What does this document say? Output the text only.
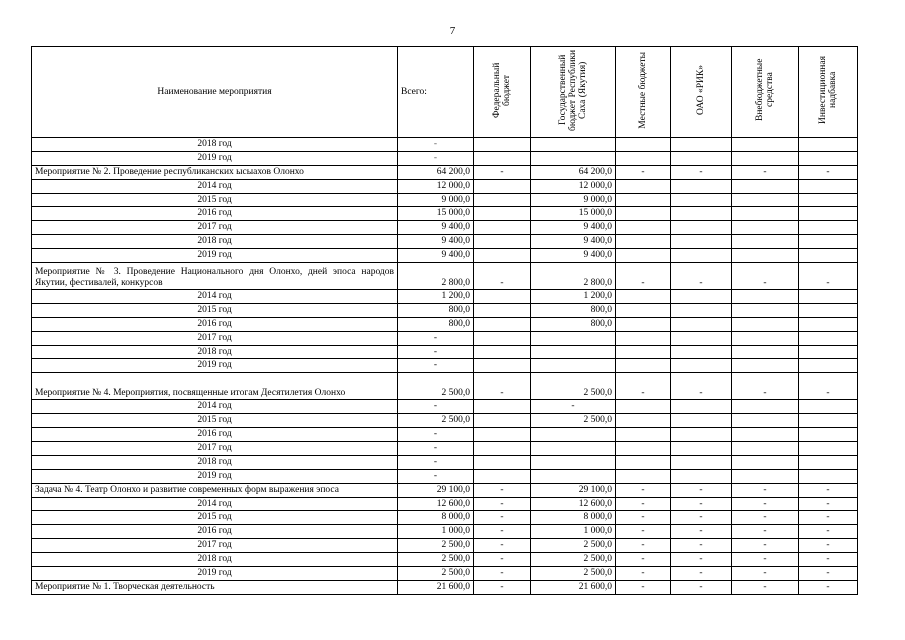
7
Наименование мероприятия	Всего:	Федеральный бюджет	Государственный бюджет Республики Саха (Якутия)	Местные бюджеты	ОАО «РИК»	Внебюджетные средства	Инвестиционная надбавка
2018 год	-						
2019 год	-						
Мероприятие № 2. Проведение республиканских ысыахов Олонхо	64 200,0	-	64 200,0	-	-	-	-
2014 год	12 000,0		12 000,0				
2015 год	9 000,0		9 000,0				
2016 год	15 000,0		15 000,0				
2017 год	9 400,0		9 400,0				
2018 год	9 400,0		9 400,0				
2019 год	9 400,0		9 400,0				
Мероприятие № 3. Проведение Национального дня Олонхо, дней эпоса народов Якутии, фестивалей, конкурсов	2 800,0	-	2 800,0	-	-	-	-
2014 год	1 200,0		1 200,0				
2015 год	800,0		800,0				
2016 год	800,0		800,0				
2017 год	-						
2018 год	-						
2019 год	-						
Мероприятие № 4. Мероприятия, посвященные итогам Десятилетия Олонхо	2 500,0	-	2 500,0	-	-	-	-
2014 год	-		-				
2015 год	2 500,0		2 500,0				
2016 год	-						
2017 год	-						
2018 год	-						
2019 год	-						
Задача № 4. Театр Олонхо и развитие современных форм выражения эпоса	29 100,0	-	29 100,0	-	-	-	-
2014 год	12 600,0	-	12 600,0	-	-	-	-
2015 год	8 000,0	-	8 000,0	-	-	-	-
2016 год	1 000,0	-	1 000,0	-	-	-	-
2017 год	2 500,0	-	2 500,0	-	-	-	-
2018 год	2 500,0	-	2 500,0	-	-	-	-
2019 год	2 500,0	-	2 500,0	-	-	-	-
Мероприятие № 1. Творческая деятельность	21 600,0	-	21 600,0	-	-	-	-
